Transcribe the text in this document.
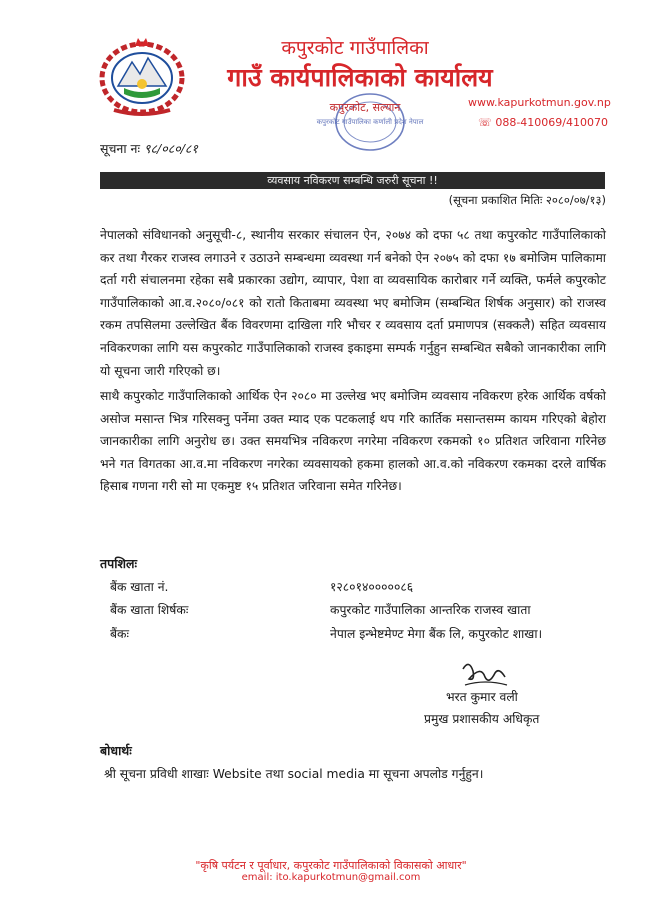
कपुरकोट गाउँपालिका
गाउँ कार्यपालिकाको कार्यालय
कपुरकोट गाउँपालिका कर्णाली प्रदेश नेपाल
कपुरकोट, सल्यान	www.kapurkotmun.gov.np
☏ 088-410069/410070
सूचना नः ९८/०८०/८१
व्यवसाय नविकरण सम्बन्धि जरुरी सूचना !!
(सूचना प्रकाशित मितिः २०८०/०७/१३)
नेपालको संविधानको अनुसूची-८, स्थानीय सरकार संचालन ऐन, २०७४ को दफा ५८ तथा कपुरकोट गाउँपालिकाको कर तथा गैरकर राजस्व लगाउने र उठाउने सम्बन्धमा व्यवस्था गर्न बनेको ऐन २०७५ को दफा १७ बमोजिम पालिकामा दर्ता गरी संचालनमा रहेका सबै प्रकारका उद्योग, व्यापार, पेशा वा व्यवसायिक कारोबार गर्ने व्यक्ति, फर्मले कपुरकोट गाउँपालिकाको आ.व.२०८०/०८१ को रातो किताबमा व्यवस्था भए बमोजिम (सम्बन्धित शिर्षक अनुसार) को राजस्व रकम तपसिलमा उल्लेखित बैंक विवरणमा दाखिला गरि भौचर र व्यवसाय दर्ता प्रमाणपत्र (सक्कलै) सहित व्यवसाय नविकरणका लागि यस कपुरकोट गाउँपालिकाको राजस्व इकाइमा सम्पर्क गर्नुहुन सम्बन्धित सबैको जानकारीका लागि यो सूचना जारी गरिएको छ।
साथै कपुरकोट गाउँपालिकाको आर्थिक ऐन २०८० मा उल्लेख भए बमोजिम व्यवसाय नविकरण हरेक आर्थिक वर्षको असोज मसान्त भित्र गरिसक्नु पर्नेमा उक्त म्याद एक पटकलाई थप गरि कार्तिक मसान्तसम्म कायम गरिएको बेहोरा जानकारीका लागि अनुरोध छ। उक्त समयभित्र नविकरण नगरेमा नविकरण रकमको १० प्रतिशत जरिवाना गरिनेछ भने गत विगतका आ.व.मा नविकरण नगरेका व्यवसायको हकमा हालको आ.व.को नविकरण रकमका दरले वार्षिक हिसाब गणना गरी सो मा एकमुष्ट १५ प्रतिशत जरिवाना समेत गरिनेछ।
तपशिलः
बैंक खाता नं.	१२८०१४०००००८६
बैंक खाता शिर्षकः	कपुरकोट गाउँपालिका आन्तरिक राजस्व खाता
बैंकः	नेपाल इन्भेष्टमेण्ट मेगा बैंक लि, कपुरकोट शाखा।
भरत कुमार वली
प्रमुख प्रशासकीय अधिकृत
बोधार्थः
श्री सूचना प्रविधी शाखाः Website तथा social media मा सूचना अपलोड गर्नुहुन।
"कृषि पर्यटन र पूर्वाधार, कपुरकोट गाउँपालिकाको विकासको आधार"
email: ito.kapurkotmun@gmail.com
